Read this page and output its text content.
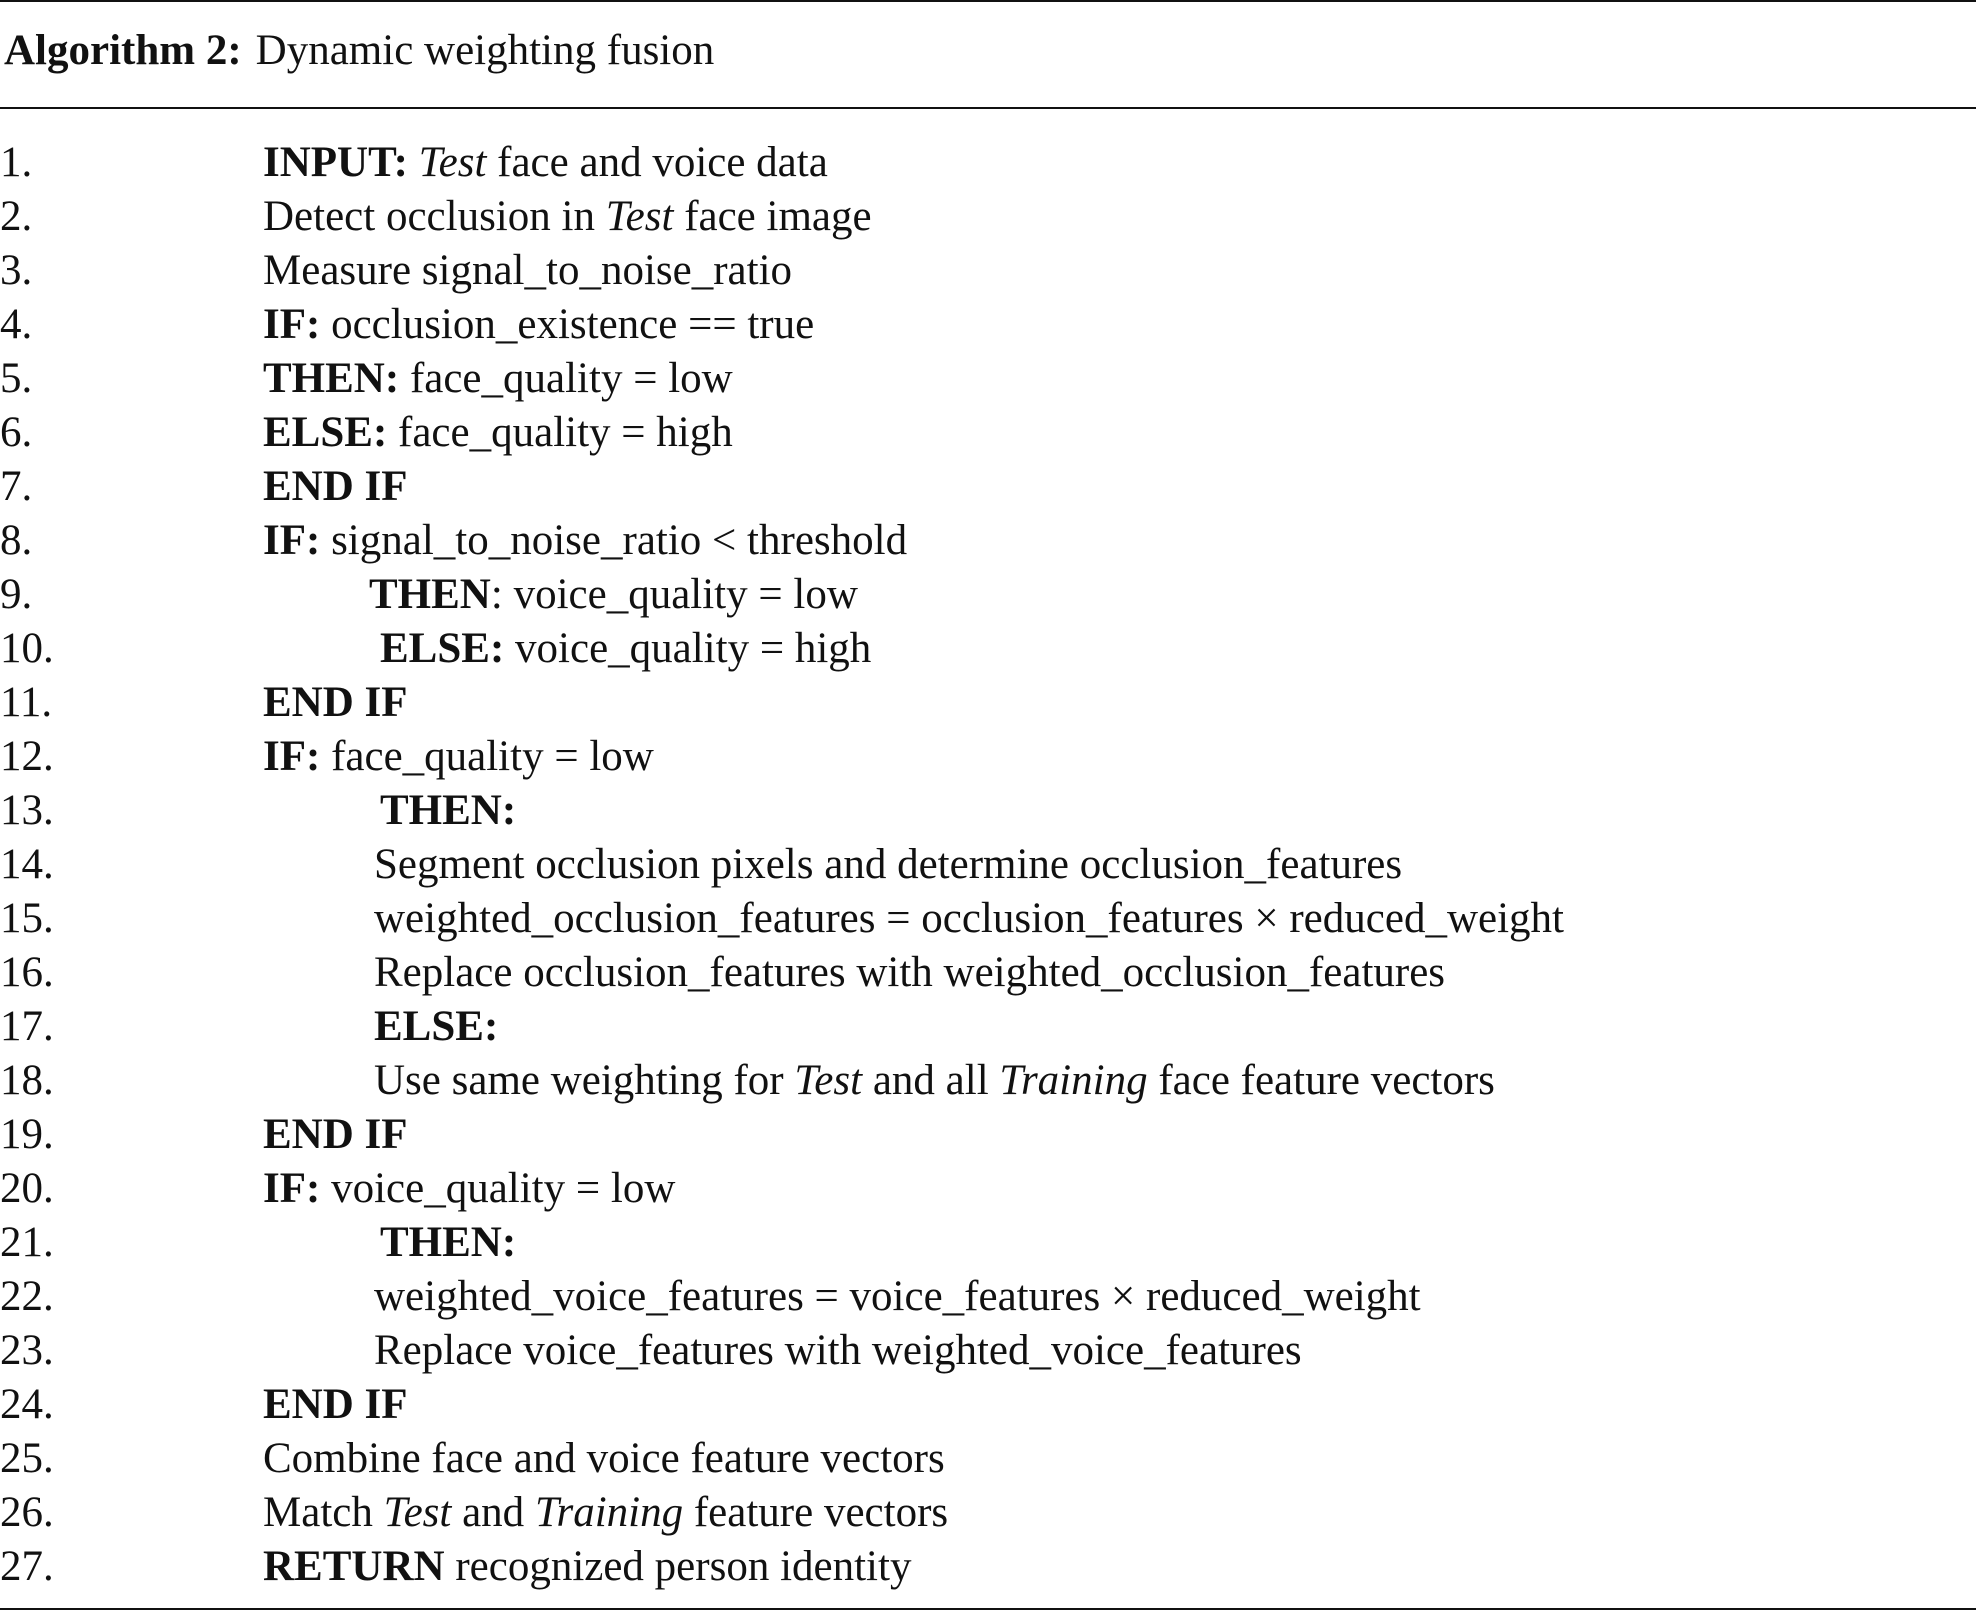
Algorithm 2: Dynamic weighting fusion
1.	INPUT: Test face and voice data
2.	Detect occlusion in Test face image
3.	Measure signal_to_noise_ratio
4.	IF: occlusion_existence == true
5.	THEN: face_quality = low
6.	ELSE: face_quality = high
7.	END IF
8.	IF: signal_to_noise_ratio < threshold
9.	THEN: voice_quality = low
10.	ELSE: voice_quality = high
11.	END IF
12.	IF: face_quality = low
13.	THEN:
14.	Segment occlusion pixels and determine occlusion_features
15.	weighted_occlusion_features = occlusion_features × reduced_weight
16.	Replace occlusion_features with weighted_occlusion_features
17.	ELSE:
18.	Use same weighting for Test and all Training face feature vectors
19.	END IF
20.	IF: voice_quality = low
21.	THEN:
22.	weighted_voice_features = voice_features × reduced_weight
23.	Replace voice_features with weighted_voice_features
24.	END IF
25.	Combine face and voice feature vectors
26.	Match Test and Training feature vectors
27.	RETURN recognized person identity
